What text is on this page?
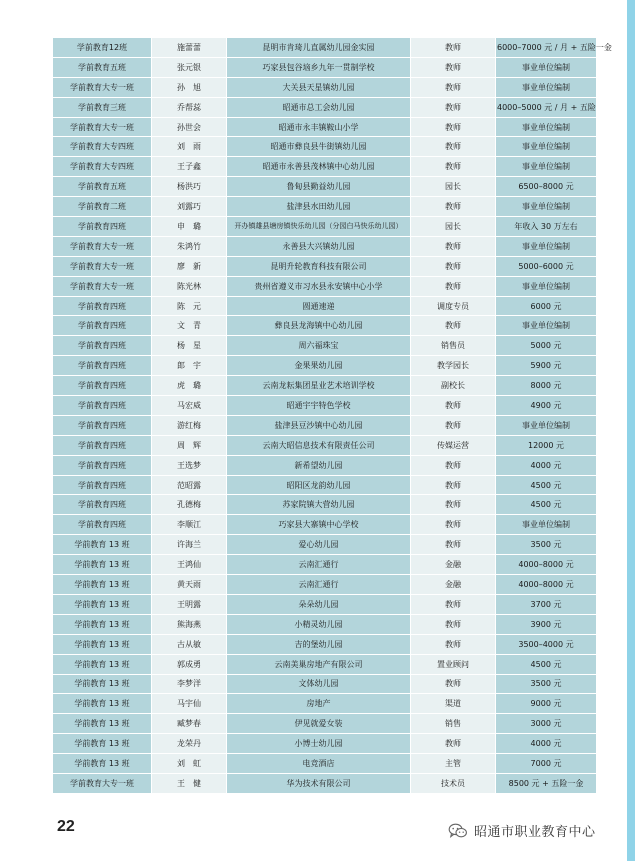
学前教育12班	施蕾蕾	昆明市肯琦儿直属幼儿园金实园	教师	6000–7000 元 / 月 + 五险一金
学前教育五班	张元银	巧家县包谷垴乡九年一贯制学校	教师	事业单位编制
学前教育大专一班	孙　旭	大关县天星镇幼儿园	教师	事业单位编制
学前教育三班	乔帮蕊	昭通市总工会幼儿园	教师	4000–5000 元 / 月 + 五险
学前教育大专一班	孙世会	昭通市永丰镇鞍山小学	教师	事业单位编制
学前教育大专四班	刘　雨	昭通市彝良县牛街镇幼儿园	教师	事业单位编制
学前教育大专四班	王子鑫	昭通市永善县茂林镇中心幼儿园	教师	事业单位编制
学前教育五班	杨洪巧	鲁甸县勤益幼儿园	园长	6500–8000 元
学前教育二班	刘露巧	盐津县水田幼儿园	教师	事业单位编制
学前教育四班	申　璐	开办镇雄县塘房镇快乐幼儿园（分园白马快乐幼儿园）	园长	年收入 30 万左右
学前教育大专一班	朱鸿竹	永善县大兴镇幼儿园	教师	事业单位编制
学前教育大专一班	廖　新	昆明升轮教育科技有限公司	教师	5000–6000 元
学前教育大专一班	陈光林	贵州省遵义市习水县永安镇中心小学	教师	事业单位编制
学前教育四班	陈　元	圆通速递	调度专员	6000 元
学前教育四班	文　青	彝良县龙海镇中心幼儿园	教师	事业单位编制
学前教育四班	杨　星	周六福珠宝	销售员	5000 元
学前教育四班	郎　宇	金果果幼儿园	教学园长	5900 元
学前教育四班	虎　璐	云南龙耘集团星业艺术培训学校	副校长	8000 元
学前教育四班	马宏威	昭通宇宇特色学校	教师	4900 元
学前教育四班	游红梅	盐津县豆沙镇中心幼儿园	教师	事业单位编制
学前教育四班	周　辉	云南大昭信息技术有限责任公司	传媒运营	12000 元
学前教育四班	王选梦	新希望幼儿园	教师	4000 元
学前教育四班	范昭露	昭阳区龙韵幼儿园	教师	4500 元
学前教育四班	孔德梅	苏家院镇大营幼儿园	教师	4500 元
学前教育四班	李顺江	巧家县大寨镇中心学校	教师	事业单位编制
学前教育 13 班	许海兰	爱心幼儿园	教师	3500 元
学前教育 13 班	王鸿仙	云南汇通行	金融	4000–8000 元
学前教育 13 班	黄天雨	云南汇通行	金融	4000–8000 元
学前教育 13 班	王明露	朵朵幼儿园	教师	3700 元
学前教育 13 班	熊海燕	小精灵幼儿园	教师	3900 元
学前教育 13 班	古从敏	吉的堡幼儿园	教师	3500–4000 元
学前教育 13 班	郭成勇	云南美巢房地产有限公司	置业顾问	4500 元
学前教育 13 班	李梦洋	文体幼儿园	教师	3500 元
学前教育 13 班	马宇仙	房地产	渠道	9000 元
学前教育 13 班	臧梦春	伊见就爱女装	销售	3000 元
学前教育 13 班	龙荣丹	小博士幼儿园	教师	4000 元
学前教育 13 班	刘　虹	电竞酒店	主管	7000 元
学前教育大专一班	王　健	华为技术有限公司	技术员	8500 元 + 五险一金
22	昭通市职业教育中心
